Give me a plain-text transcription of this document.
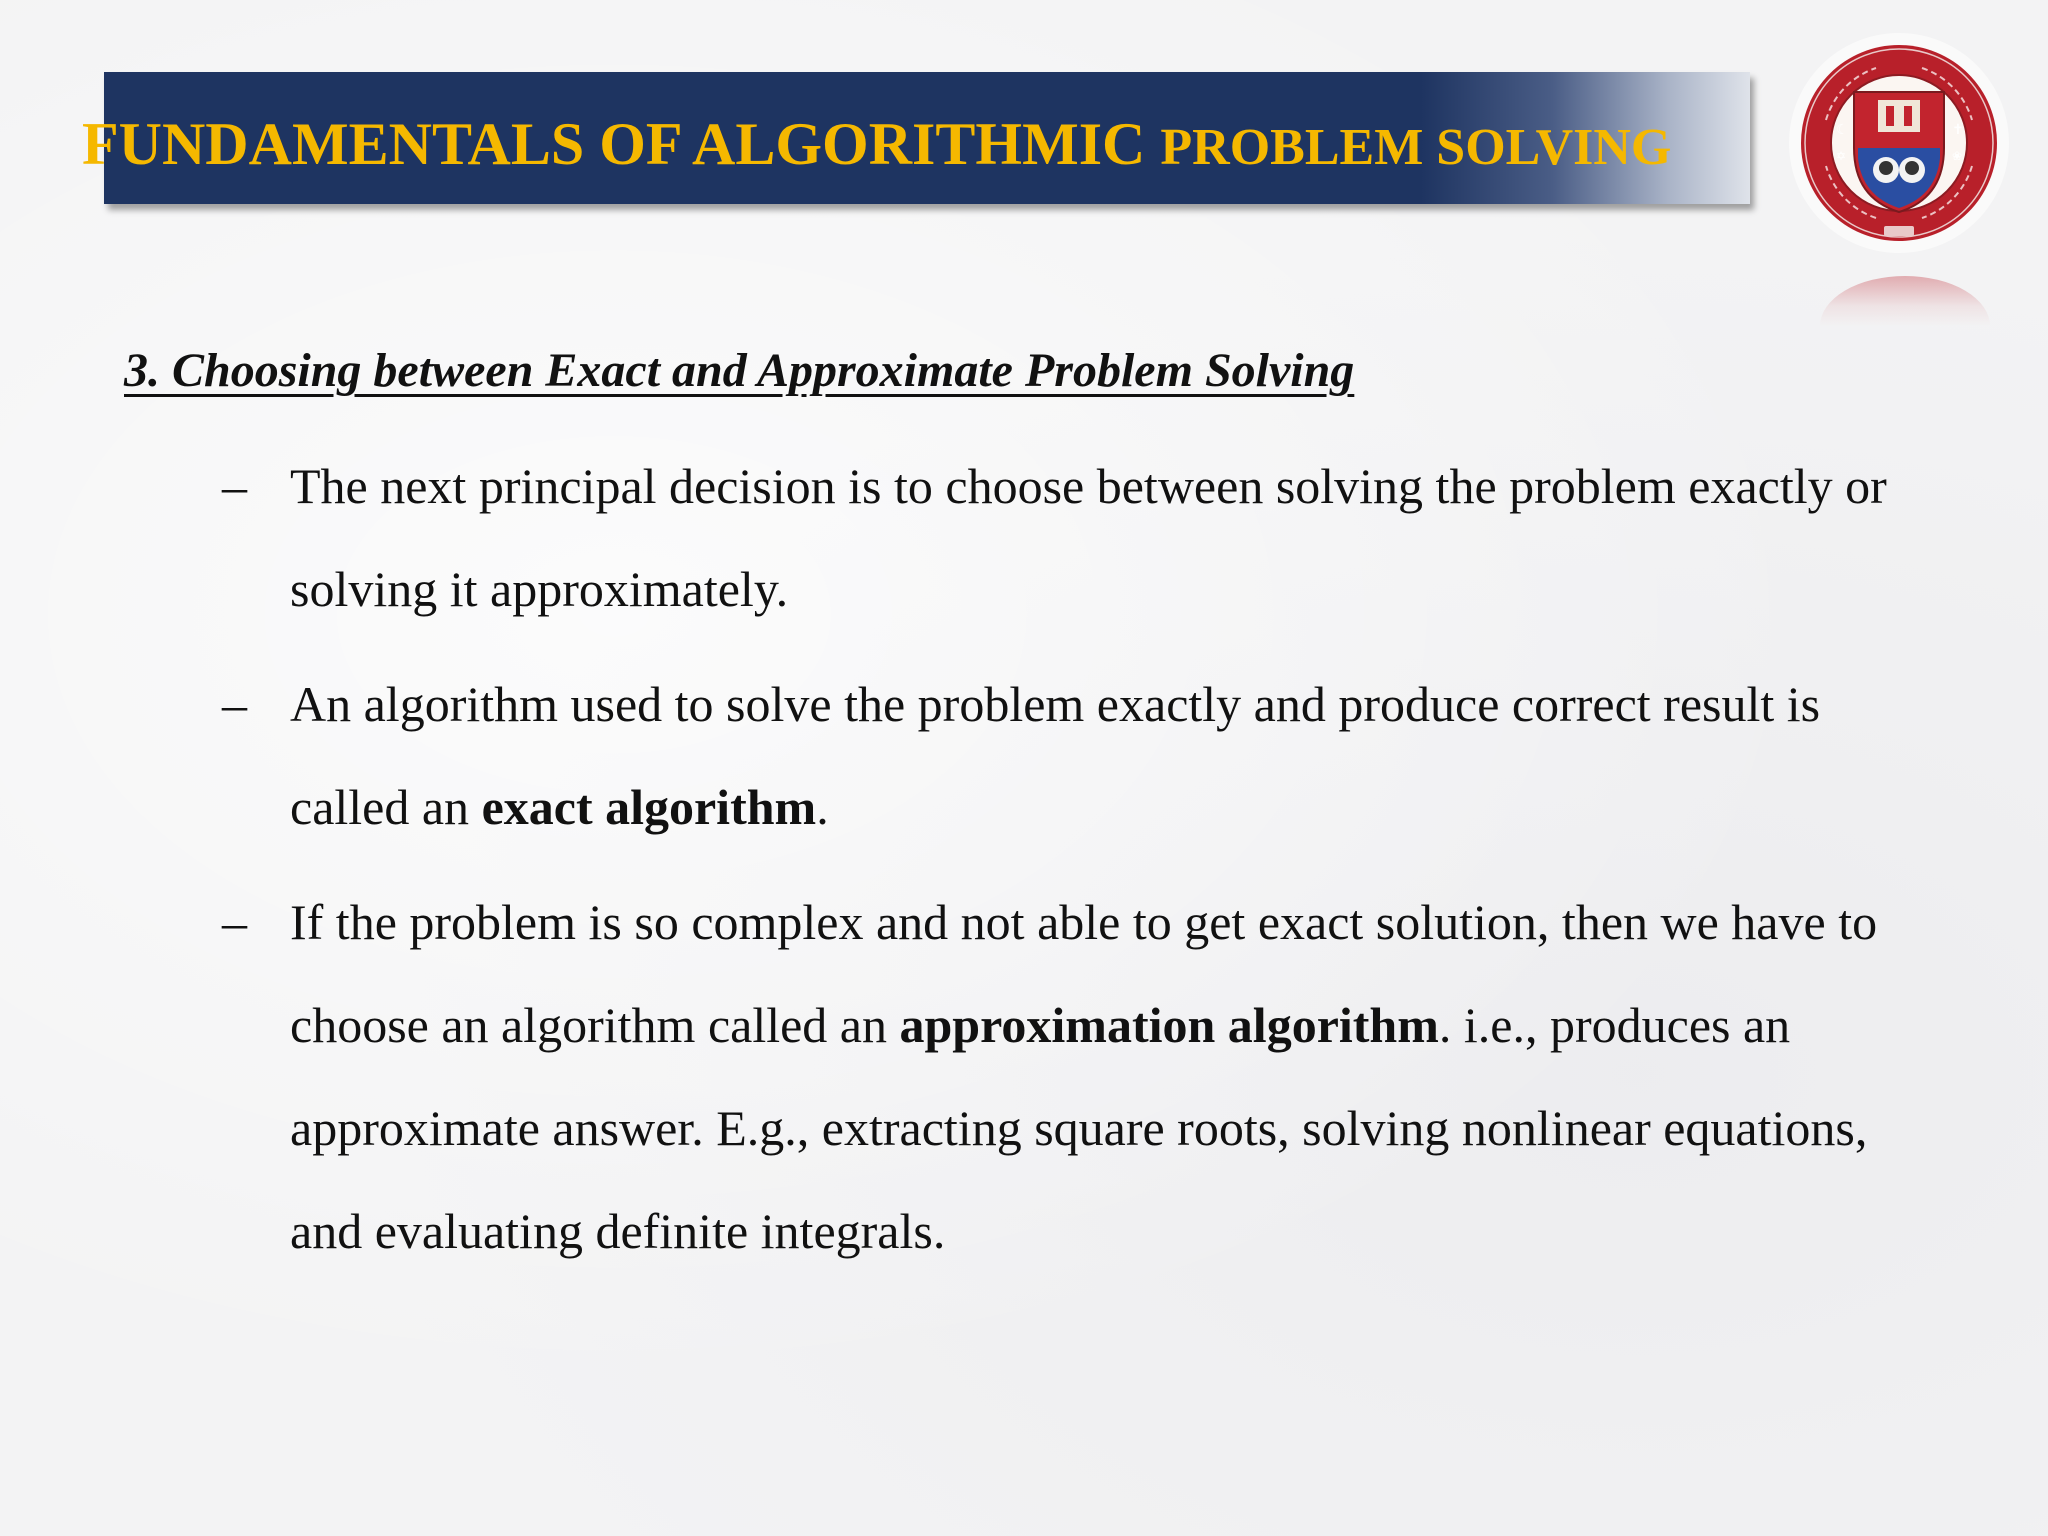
FUNDAMENTALS OF ALGORITHMIC PROBLEM SOLVING	☾	✝
✡	❀
3. Choosing between Exact and Approximate Problem Solving
– The next principal decision is to choose between solving the problem exactly or solving it approximately.
– An algorithm used to solve the problem exactly and produce correct result is called an exact algorithm.
– If the problem is so complex and not able to get exact solution, then we have to choose an algorithm called an approximation algorithm. i.e., produces an approximate answer. E.g., extracting square roots, solving nonlinear equations, and evaluating definite integrals.
